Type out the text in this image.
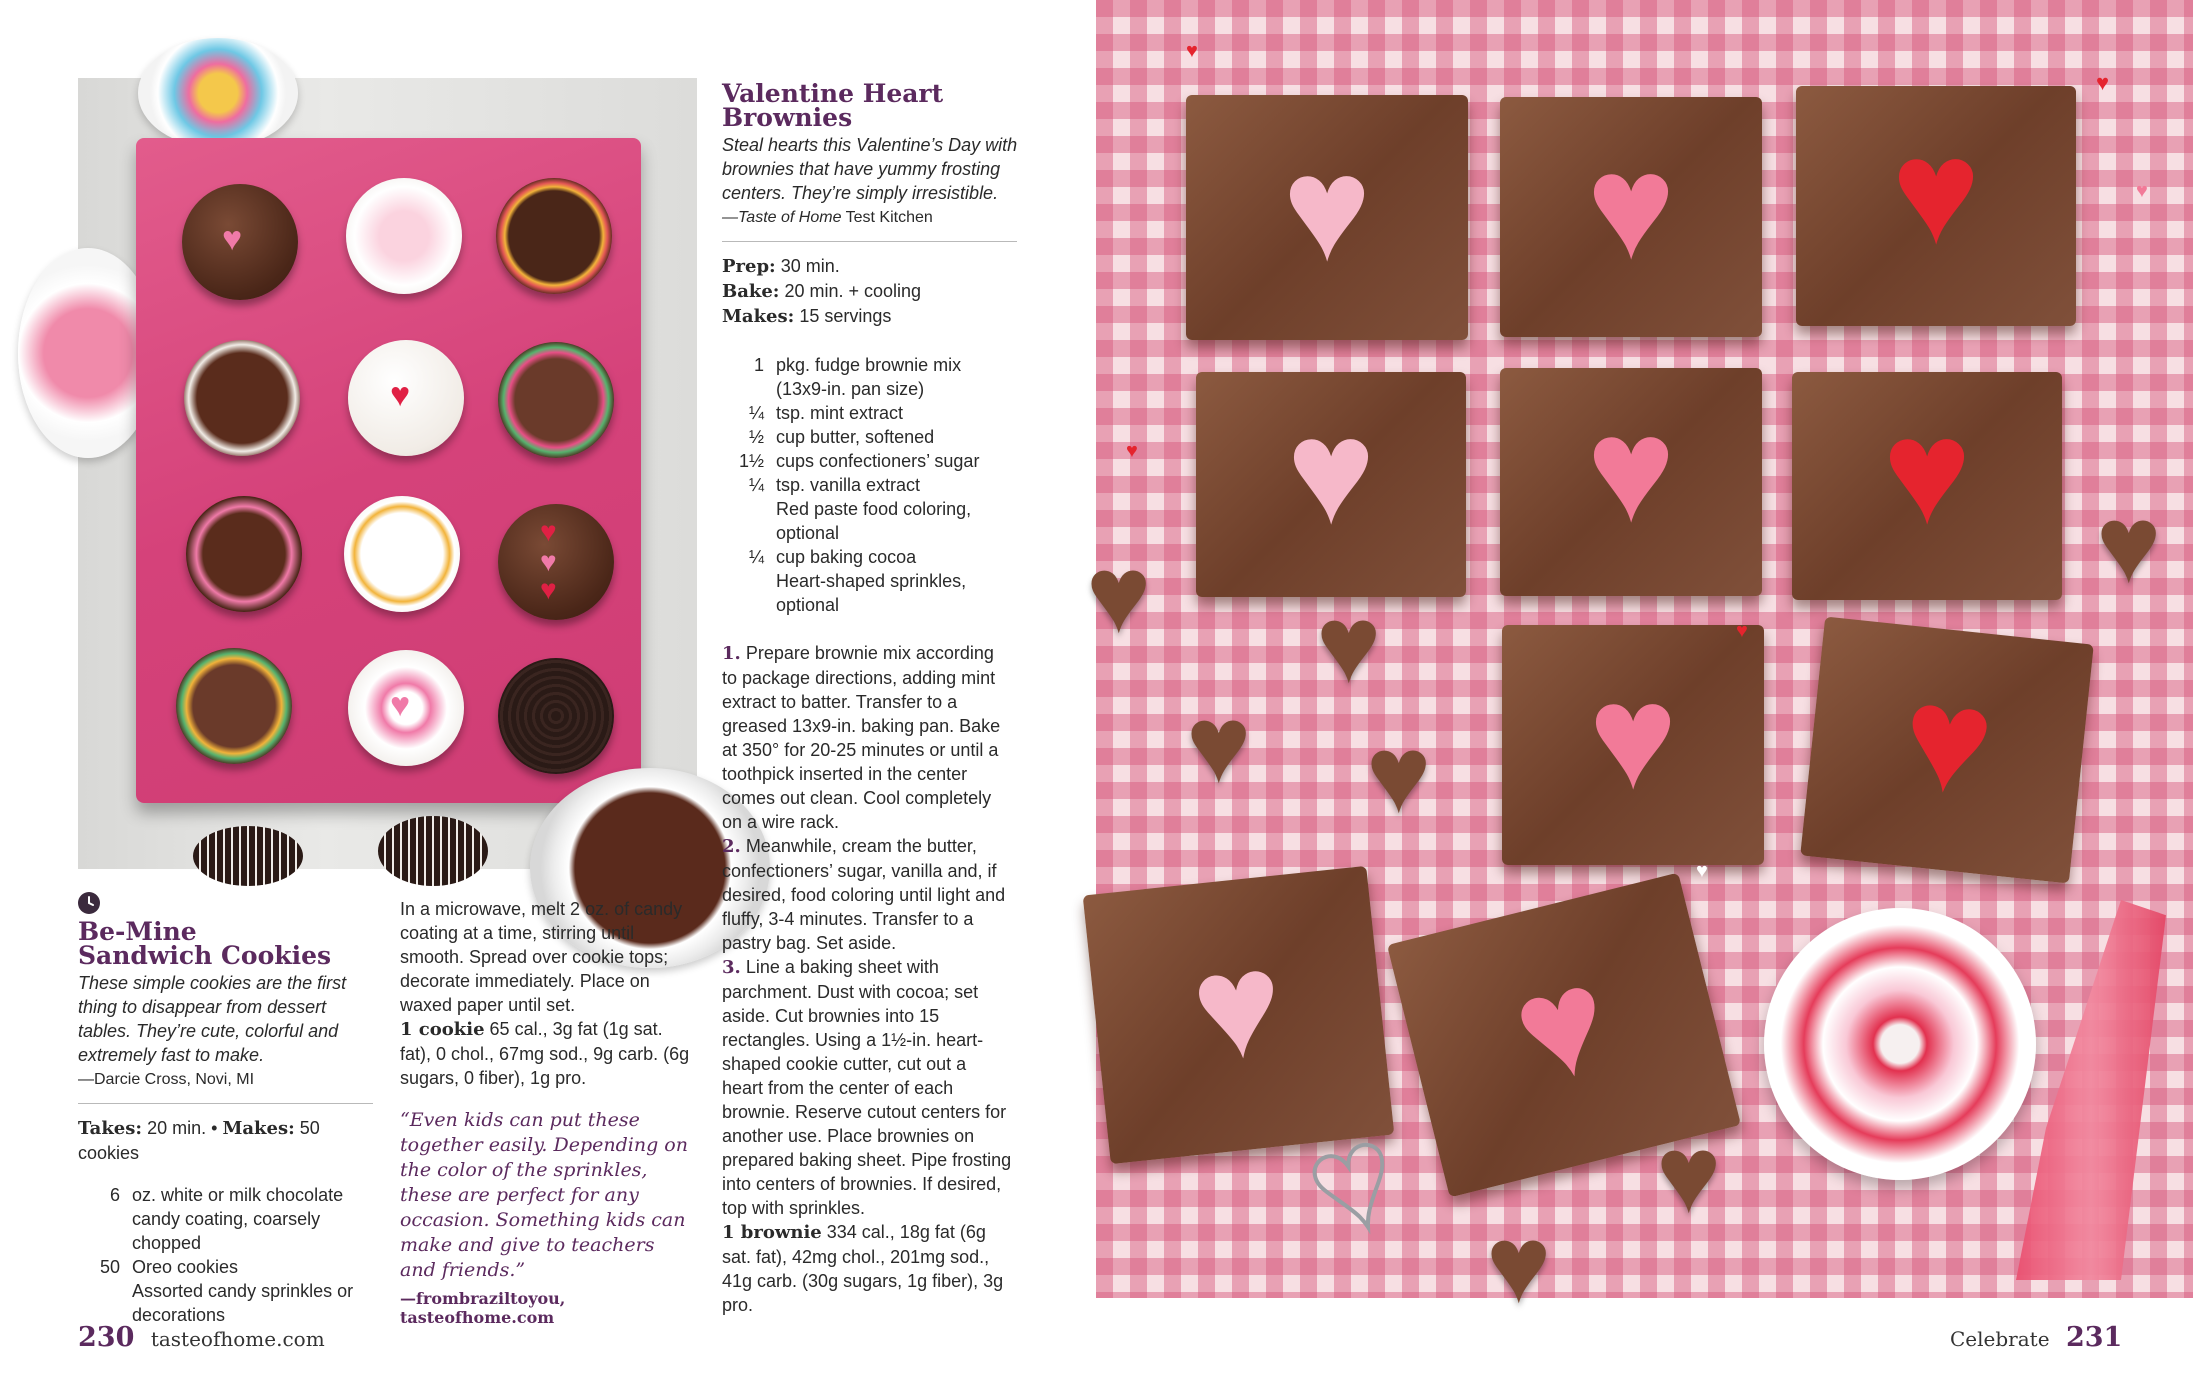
♥
♥
♥
♥
♥
♥
Be-Mine
Sandwich Cookies
These simple cookies are the first thing to disappear from dessert tables. They’re cute, colorful and extremely fast to make.
—Darcie Cross, Novi, MI
Takes: 20 min. • Makes: 50 cookies
6 oz. white or milk chocolate candy coating, coarsely chopped
50 Oreo cookies
Assorted candy sprinkles or decorations
In a microwave, melt 2 oz. of candy coating at a time, stirring until smooth. Spread over cookie tops; decorate immediately. Place on waxed paper until set.
1 cookie 65 cal., 3g fat (1g sat. fat), 0 chol., 67mg sod., 9g carb. (6g sugars, 0 fiber), 1g pro.
“Even kids can put these together easily. Depending on the color of the sprinkles, these are perfect for any occasion. Something kids can make and give to teachers and friends.”
—frombraziltoyou, tasteofhome.com
Valentine Heart
Brownies
Steal hearts this Valentine’s Day with brownies that have yummy frosting centers. They’re simply irresistible.
—Taste of Home Test Kitchen
Prep: 30 min.
Bake: 20 min. + cooling
Makes: 15 servings
1 pkg. fudge brownie mix (13x9-in. pan size)
¼ tsp. mint extract
½ cup butter, softened
1½ cups confectioners’ sugar
¼ tsp. vanilla extract
Red paste food coloring, optional
¼ cup baking cocoa
Heart-shaped sprinkles, optional
1. Prepare brownie mix according to package directions, adding mint extract to batter. Transfer to a greased 13x9-in. baking pan. Bake at 350° for 20-25 minutes or until a toothpick inserted in the center comes out clean. Cool completely on a wire rack.
2. Meanwhile, cream the butter, confectioners’ sugar, vanilla and, if desired, food coloring until light and fluffy, 3-4 minutes. Transfer to a pastry bag. Set aside.
3. Line a baking sheet with parchment. Dust with cocoa; set aside. Cut brownies into 15 rectangles. Using a 1½-in. heart-shaped cookie cutter, cut out a heart from the center of each brownie. Reserve cutout centers for another use. Place brownies on prepared baking sheet. Pipe frosting into centers of brownies. If desired, top with sprinkles.
1 brownie 334 cal., 18g fat (6g sat. fat), 42mg chol., 201mg sod., 41g carb. (30g sugars, 1g fiber), 3g pro.
230 tasteofhome.com
♥	♥	♥
♥	♥	♥
♥	♥
♥	♥
♥ ♥
♥ ♥
♥
♥
♥
♥
♥
♥
♥
♥
♥
♥
Celebrate 231
